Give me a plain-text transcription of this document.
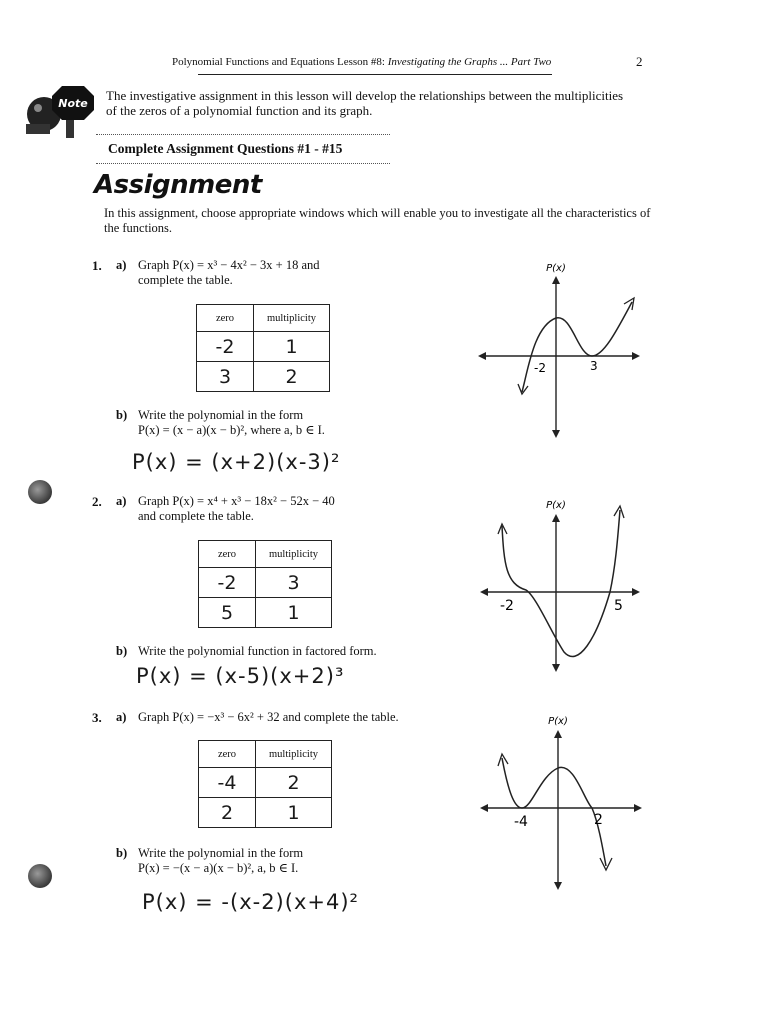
Polynomial Functions and Equations Lesson #8: Investigating the Graphs ... Part Two	2
Note
The investigative assignment in this lesson will develop the relationships between the multiplicities of the zeros of a polynomial function and its graph.
Complete Assignment Questions #1 - #15
Assignment
In this assignment, choose appropriate windows which will enable you to investigate all the characteristics of the functions.
1. a) Graph P(x) = x³ − 4x² − 3x + 18 and
complete the table.
zero	multiplicity
-2	1
3	2
b) Write the polynomial in the form
P(x) = (x − a)(x − b)², where a, b ∈ I.
P(x) = (x+2)(x-3)²
P(x)
-2	3
2. a) Graph P(x) = x⁴ + x³ − 18x² − 52x − 40
and complete the table.
zero	multiplicity
-2	3
5	1
b) Write the polynomial function in factored form.
P(x) = (x-5)(x+2)³
P(x)
-2	5
3. a) Graph P(x) = −x³ − 6x² + 32 and complete the table.
zero	multiplicity
-4	2
2	1
b) Write the polynomial in the form
P(x) = −(x − a)(x − b)², a, b ∈ I.
P(x) = -(x-2)(x+4)²
P(x)
-4	2
